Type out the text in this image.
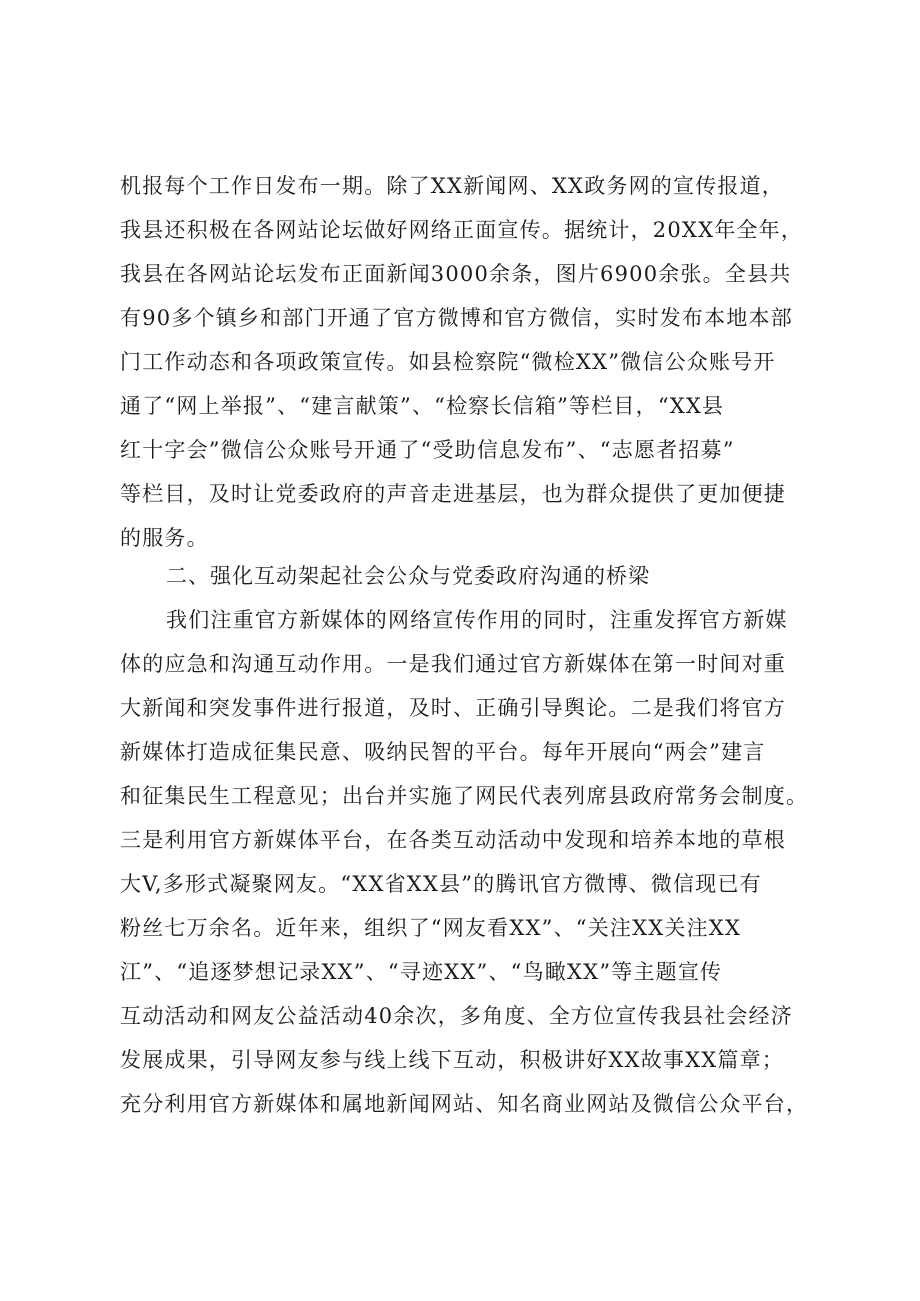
机报每个工作日发布一期。除了XX新闻网、XX政务网的宣传报道，
我县还积极在各网站论坛做好网络正面宣传。据统计，20XX年全年，
我县在各网站论坛发布正面新闻3000余条，图片6900余张。全县共
有90多个镇乡和部门开通了官方微博和官方微信，实时发布本地本部
门工作动态和各项政策宣传。如县检察院“微检XX”微信公众账号开
通了“网上举报”、“建言献策”、“检察长信箱”等栏目，“XX县
红十字会”微信公众账号开通了“受助信息发布”、“志愿者招募”
等栏目，及时让党委政府的声音走进基层，也为群众提供了更加便捷
的服务。
二、强化互动架起社会公众与党委政府沟通的桥梁
我们注重官方新媒体的网络宣传作用的同时，注重发挥官方新媒
体的应急和沟通互动作用。一是我们通过官方新媒体在第一时间对重
大新闻和突发事件进行报道，及时、正确引导舆论。二是我们将官方
新媒体打造成征集民意、吸纳民智的平台。每年开展向“两会”建言
和征集民生工程意见；出台并实施了网民代表列席县政府常务会制度。
三是利用官方新媒体平台，在各类互动活动中发现和培养本地的草根
大V,多形式凝聚网友。“XX省XX县”的腾讯官方微博、微信现已有
粉丝七万余名。近年来，组织了“网友看XX”、“关注XX关注XX
江”、“追逐梦想记录XX”、“寻迹XX”、“鸟瞰XX”等主题宣传
互动活动和网友公益活动40余次，多角度、全方位宣传我县社会经济
发展成果，引导网友参与线上线下互动，积极讲好XX故事XX篇章；
充分利用官方新媒体和属地新闻网站、知名商业网站及微信公众平台，
